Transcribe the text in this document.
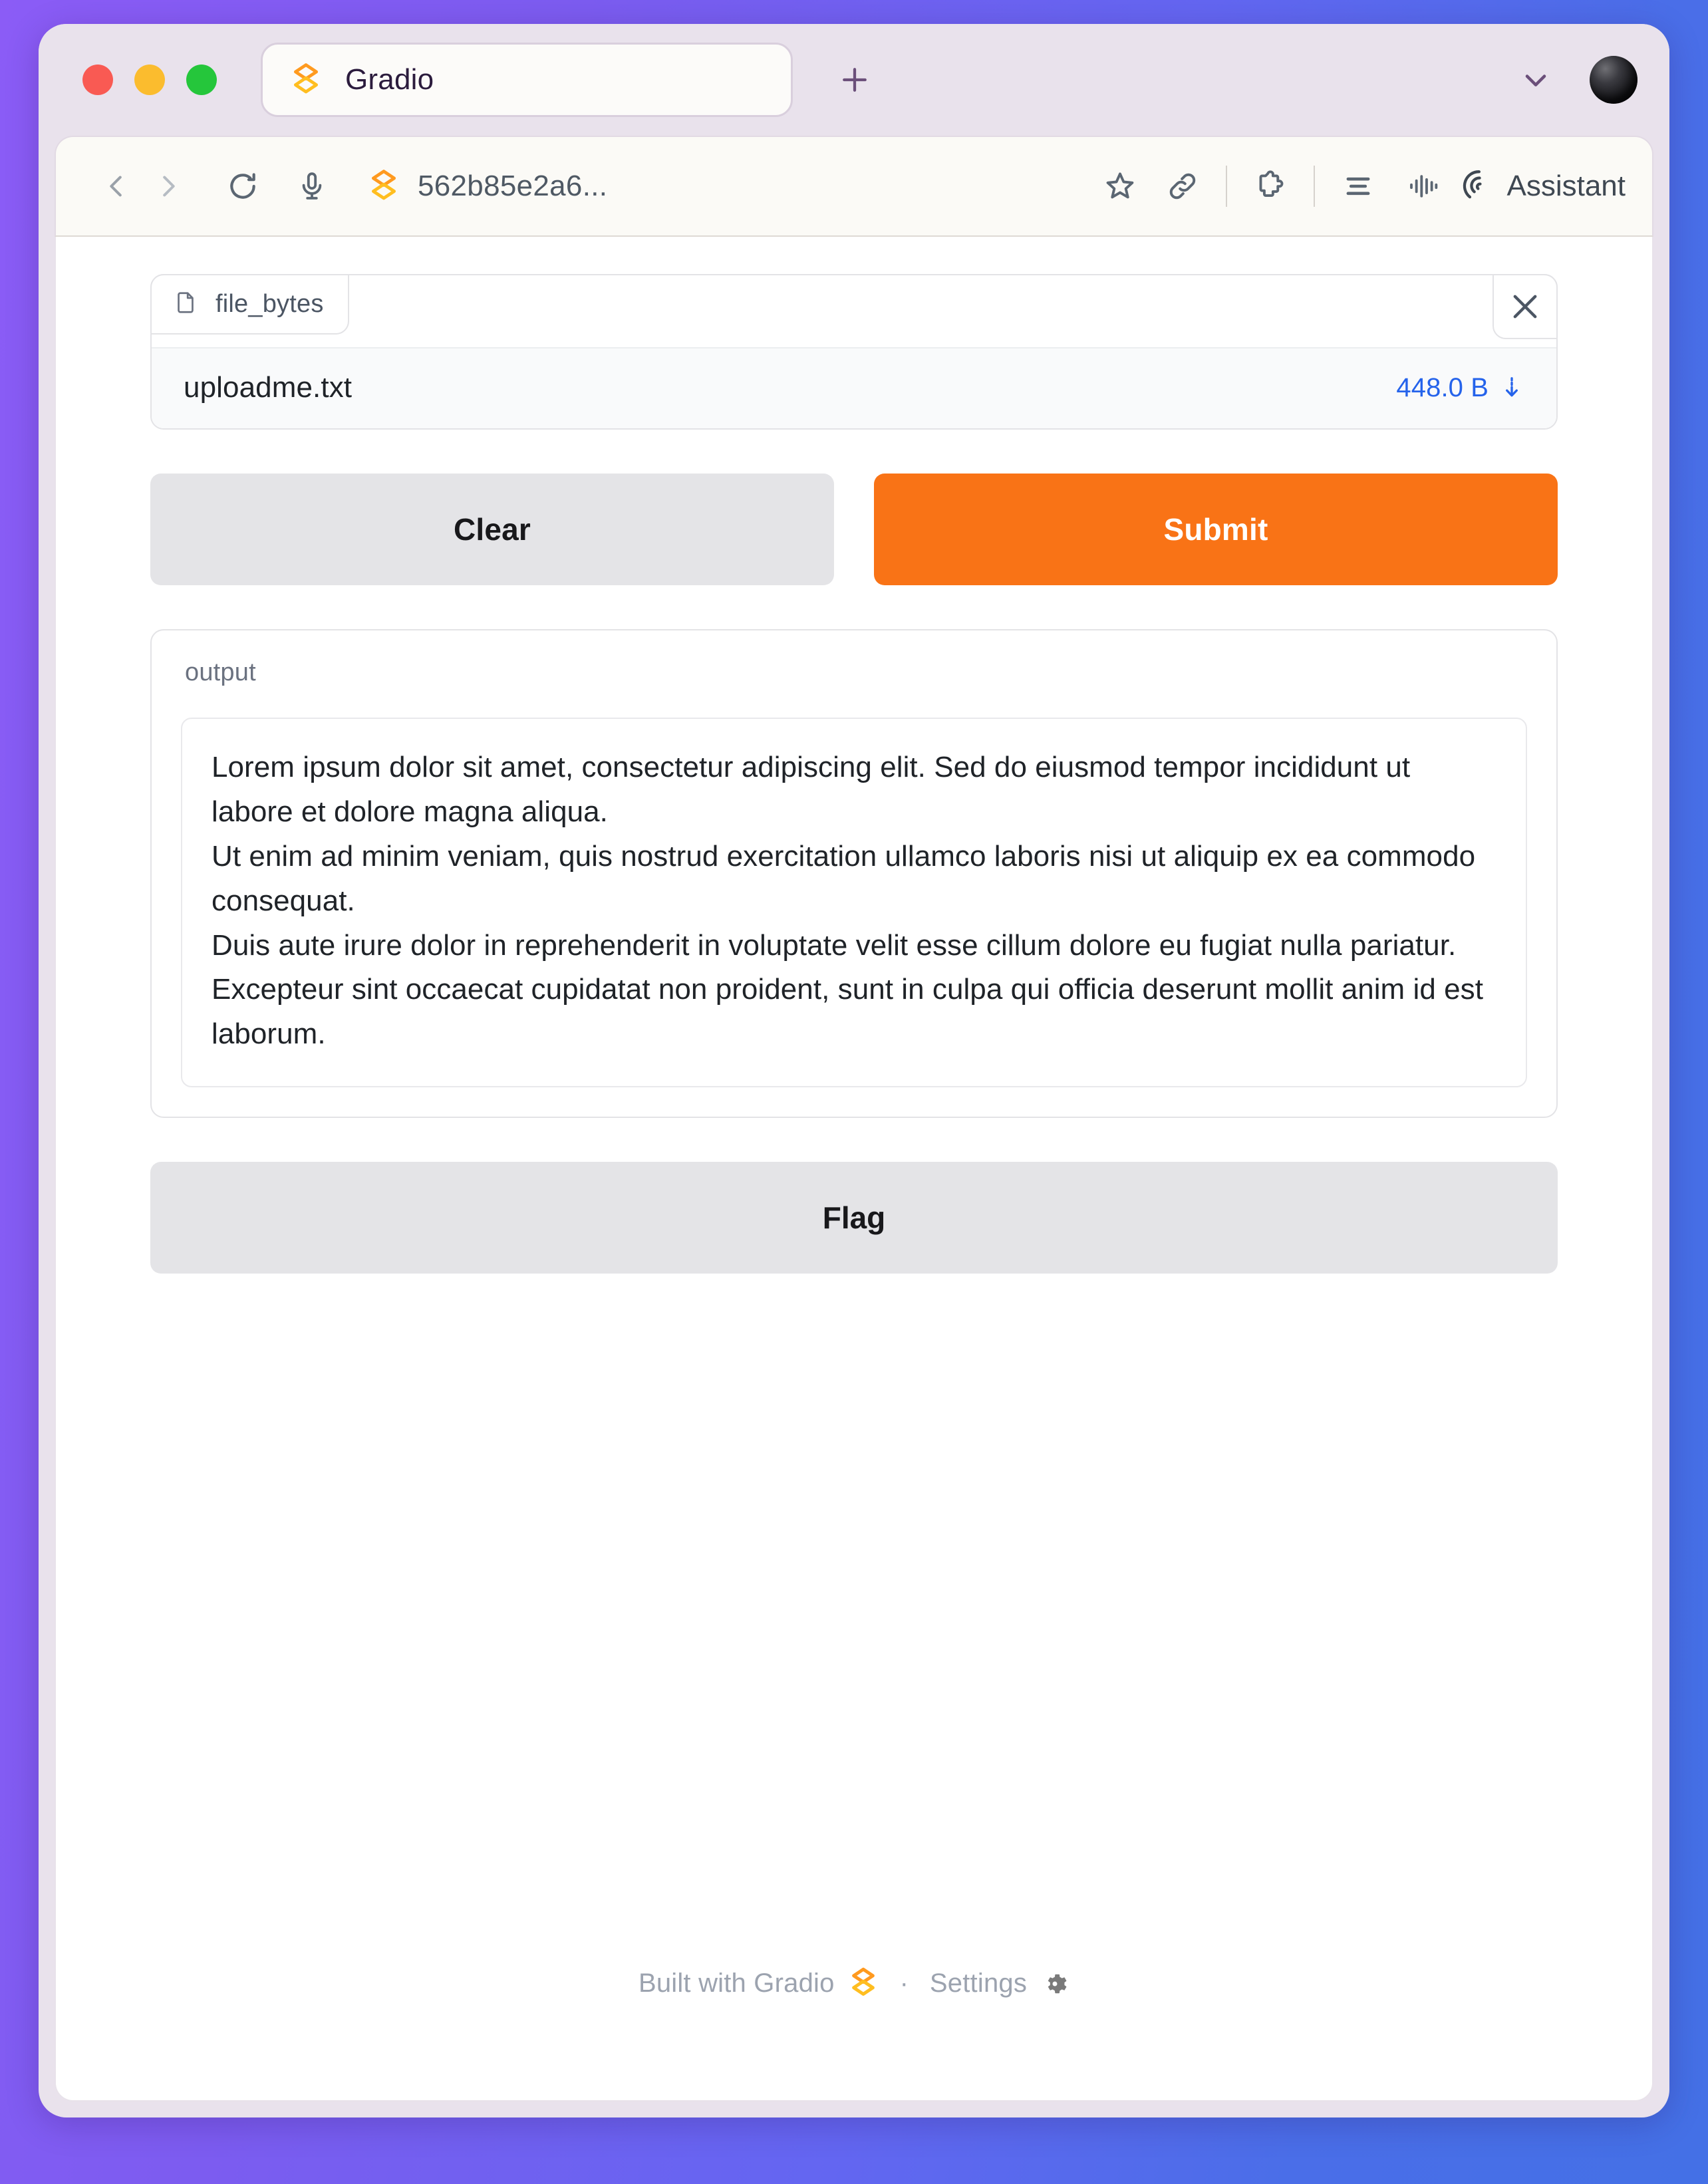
Gradio
562b85e2a6...	Assistant
file_bytes
uploadme.txt	448.0 B
Clear	Submit
output

Lorem ipsum dolor sit amet, consectetur adipiscing elit. Sed do eiusmod tempor incididunt ut labore et dolore magna aliqua.

Ut enim ad minim veniam, quis nostrud exercitation ullamco laboris nisi ut aliquip ex ea commodo consequat.

Duis aute irure dolor in reprehenderit in voluptate velit esse cillum dolore eu fugiat nulla pariatur.

Excepteur sint occaecat cupidatat non proident, sunt in culpa qui officia deserunt mollit anim id est laborum.

Flag
Built with Gradio · Settings
